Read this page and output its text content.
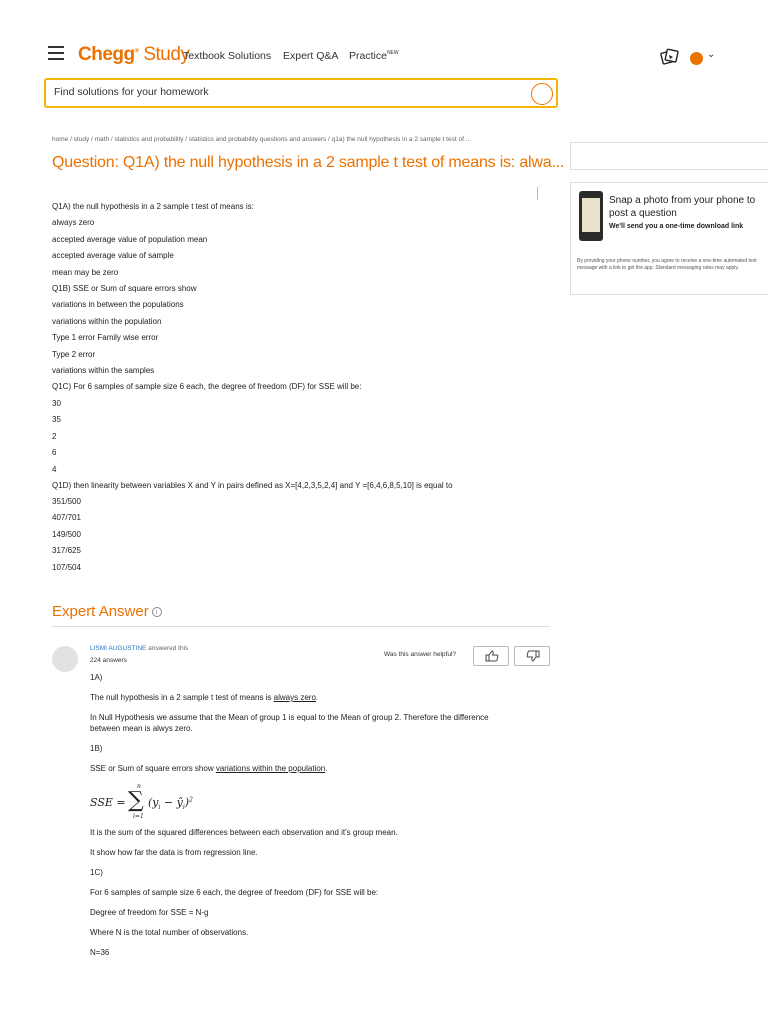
Chegg® Study
Textbook Solutions Expert Q&A Practice$^{NEW}$	⌄
Find solutions for your homework
home / study / math / statistics and probability / statistics and probability questions and answers / q1a) the null hypothesis in a 2 sample t test of ...
Question: Q1A) the null hypothesis in a 2 sample t test of means is: alwa...
Q1A) the null hypothesis in a 2 sample t test of means is:
always zero
accepted average value of population mean
accepted average value of sample
mean may be zero
Q1B) SSE or Sum of square errors show
variations in between the populations
variations within the population
Type 1 error Family wise error
Type 2 error
variations within the samples
Q1C) For 6 samples of sample size 6 each, the degree of freedom (DF) for SSE will be:
30
35
2
6
4
Q1D) then linearity between variables X and Y in pairs defined as X=[4,2,3,5,2,4] and Y =[6,4,6,8,5,10] is equal to
351/500
407/701
149/500
317/625
107/504
Snap a photo from your phone to post a question
We'll send you a one-time download link
By providing your phone number, you agree to receive a one-time automated text message with a link to get the app. Standard messaging rates may apply.
Expert Answer i
LISMI AUGUSTINE answered this
224 answers
Was this answer helpful?

1A)

The null hypothesis in a 2 sample t test of means is always zero.

In Null Hypothesis we assume that the Mean of group 1 is equal to the Mean of group 2. Therefore the difference between mean is alwys zero.

1B)

SSE or Sum of square errors show variations within the population.

SSE =
n
∑
i=1
($y_i$ − $ŷ_i)^2$

It is the sum of the squared differences between each observation and it's group mean.

It show how far the data is from regression line.

1C)

For 6 samples of sample size 6 each, the degree of freedom (DF) for SSE will be:

Degree of freedom for SSE = N-g

Where N is the total number of observations.

N=36
